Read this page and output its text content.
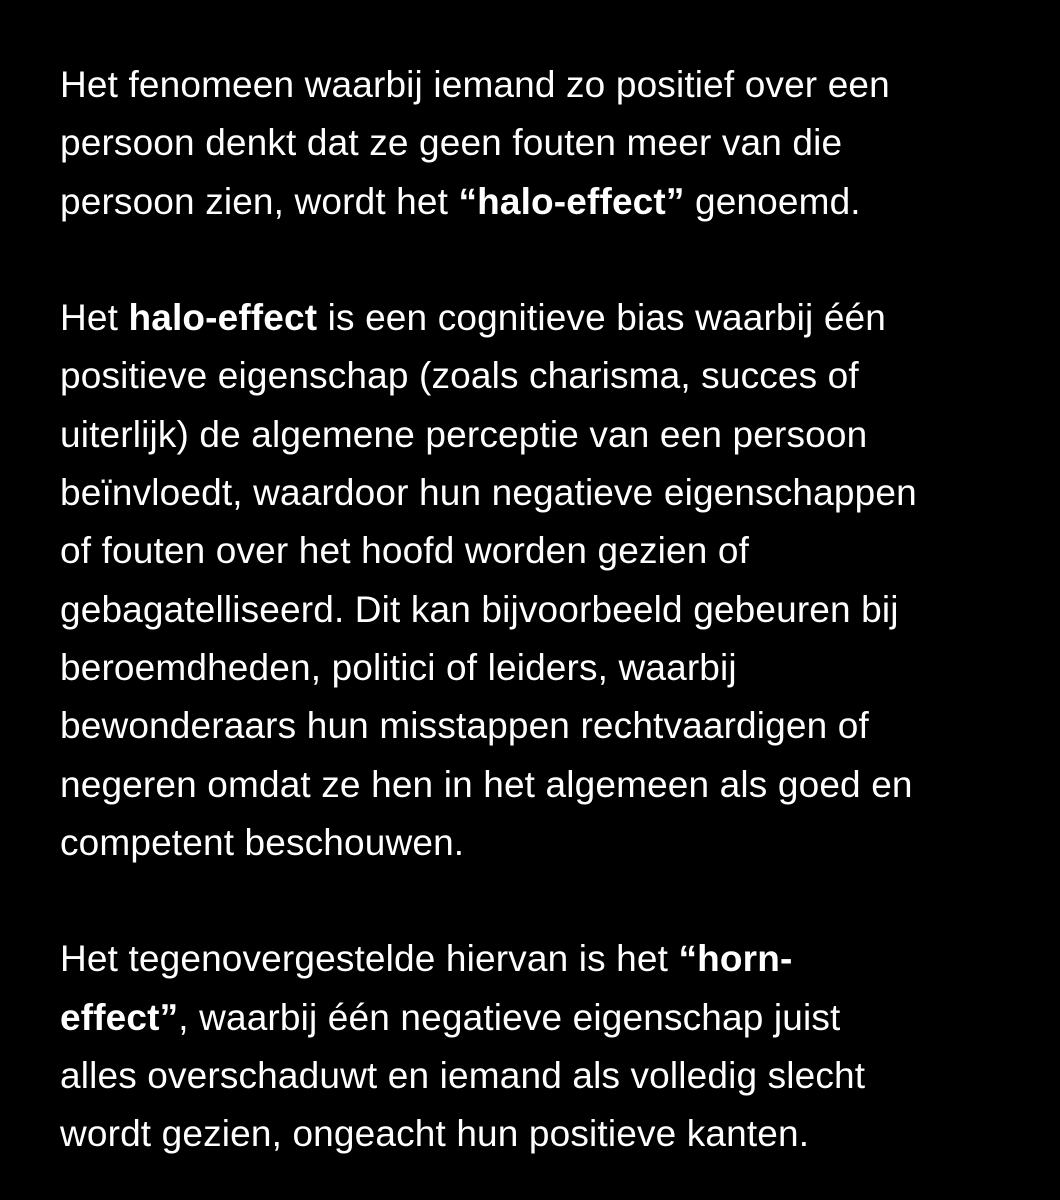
Het fenomeen waarbij iemand zo positief over een
persoon denkt dat ze geen fouten meer van die
persoon zien, wordt het “halo-effect” genoemd.

Het halo-effect is een cognitieve bias waarbij één
positieve eigenschap (zoals charisma, succes of
uiterlijk) de algemene perceptie van een persoon
beïnvloedt, waardoor hun negatieve eigenschappen
of fouten over het hoofd worden gezien of
gebagatelliseerd. Dit kan bijvoorbeeld gebeuren bij
beroemdheden, politici of leiders, waarbij
bewonderaars hun misstappen rechtvaardigen of
negeren omdat ze hen in het algemeen als goed en
competent beschouwen.

Het tegenovergestelde hiervan is het “horn-
effect”, waarbij één negatieve eigenschap juist
alles overschaduwt en iemand als volledig slecht
wordt gezien, ongeacht hun positieve kanten.
